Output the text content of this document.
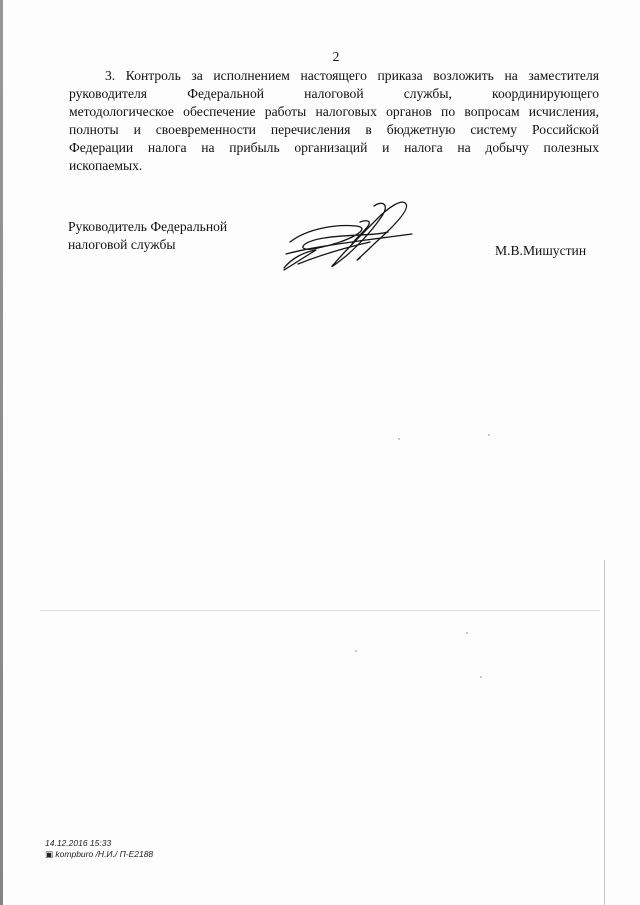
2
3. Контроль за исполнением настоящего приказа возложить на заместителя
руководителя Федеральной налоговой службы, координирующего
методологическое обеспечение работы налоговых органов по вопросам исчисления,
полноты и своевременности перечисления в бюджетную систему Российской
Федерации налога на прибыль организаций и налога на добычу полезных
ископаемых.
Руководитель Федеральной
налоговой службы	М.В.Мишустин
14.12.2016 15:33
▣ kompburo /Н.И./ П-Е2188
